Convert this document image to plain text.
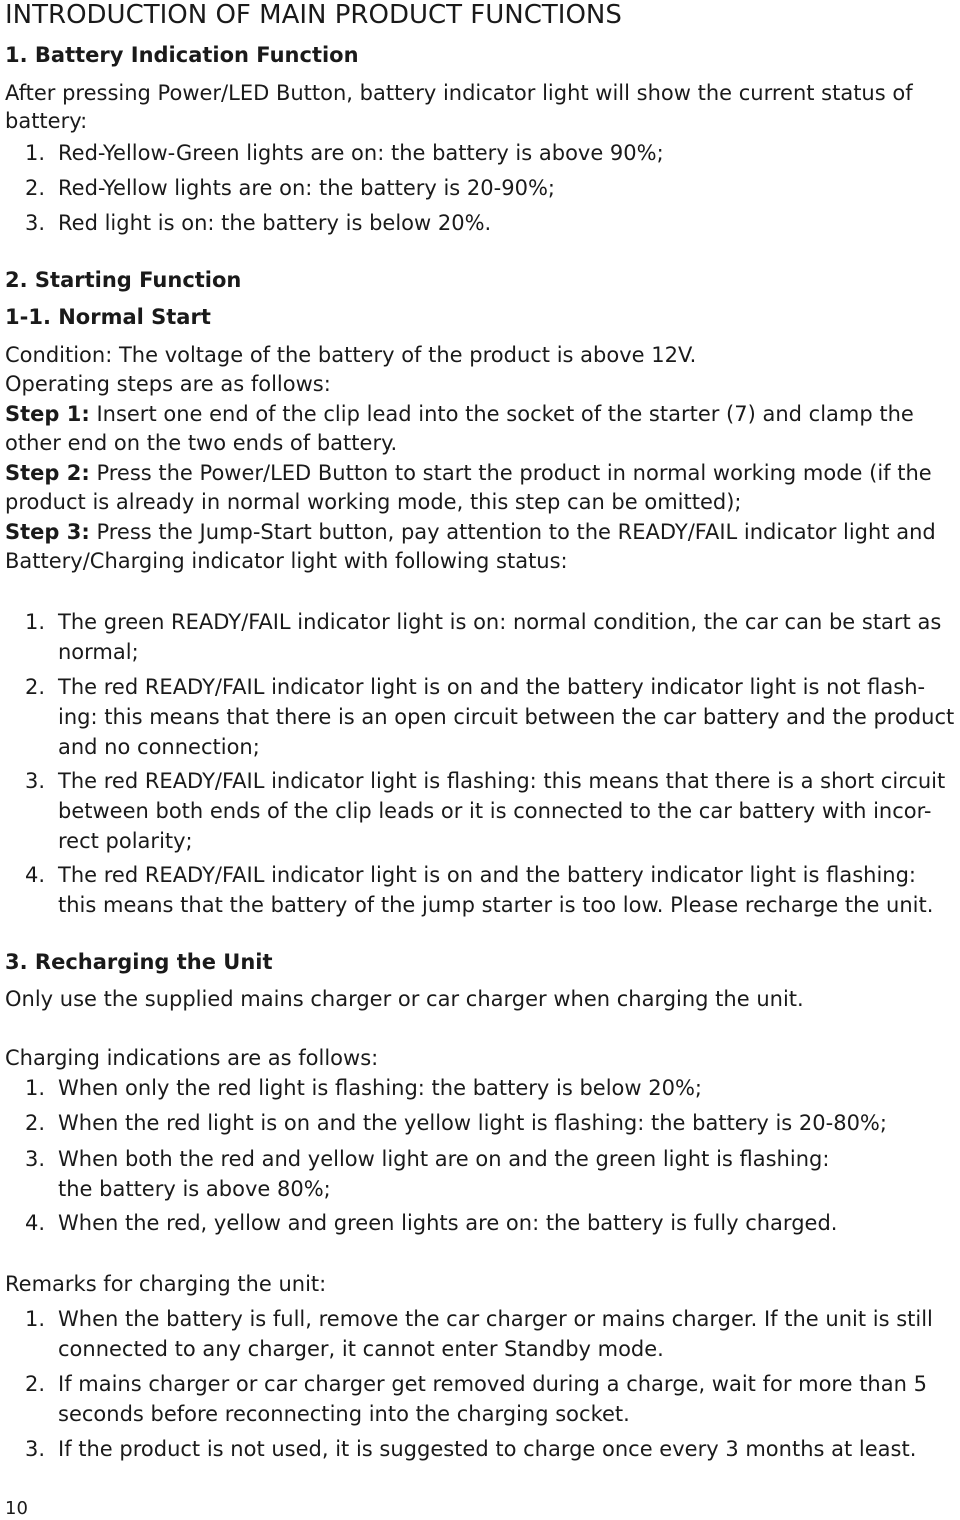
INTRODUCTION OF MAIN PRODUCT FUNCTIONS
1. Battery Indication Function
After pressing Power/LED Button, battery indicator light will show the current status of
battery:
1. Red-Yellow-Green lights are on: the battery is above 90%;
2. Red-Yellow lights are on: the battery is 20-90%;
3. Red light is on: the battery is below 20%.
2. Starting Function
1-1. Normal Start
Condition: The voltage of the battery of the product is above 12V.
Operating steps are as follows:
Step 1: Insert one end of the clip lead into the socket of the starter (7) and clamp the
other end on the two ends of battery.
Step 2: Press the Power/LED Button to start the product in normal working mode (if the
product is already in normal working mode, this step can be omitted);
Step 3: Press the Jump-Start button, pay attention to the READY/FAIL indicator light and
Battery/Charging indicator light with following status:
1. The green READY/FAIL indicator light is on: normal condition, the car can be start as
normal;
2. The red READY/FAIL indicator light is on and the battery indicator light is not flash-
ing: this means that there is an open circuit between the car battery and the product
and no connection;
3. The red READY/FAIL indicator light is flashing: this means that there is a short circuit
between both ends of the clip leads or it is connected to the car battery with incor-
rect polarity;
4. The red READY/FAIL indicator light is on and the battery indicator light is flashing:
this means that the battery of the jump starter is too low. Please recharge the unit.
3. Recharging the Unit
Only use the supplied mains charger or car charger when charging the unit.
Charging indications are as follows:
1. When only the red light is flashing: the battery is below 20%;
2. When the red light is on and the yellow light is flashing: the battery is 20-80%;
3. When both the red and yellow light are on and the green light is flashing:
the battery is above 80%;
4. When the red, yellow and green lights are on: the battery is fully charged.
Remarks for charging the unit:
1. When the battery is full, remove the car charger or mains charger. If the unit is still
connected to any charger, it cannot enter Standby mode.
2. If mains charger or car charger get removed during a charge, wait for more than 5
seconds before reconnecting into the charging socket.
3. If the product is not used, it is suggested to charge once every 3 months at least.
10
